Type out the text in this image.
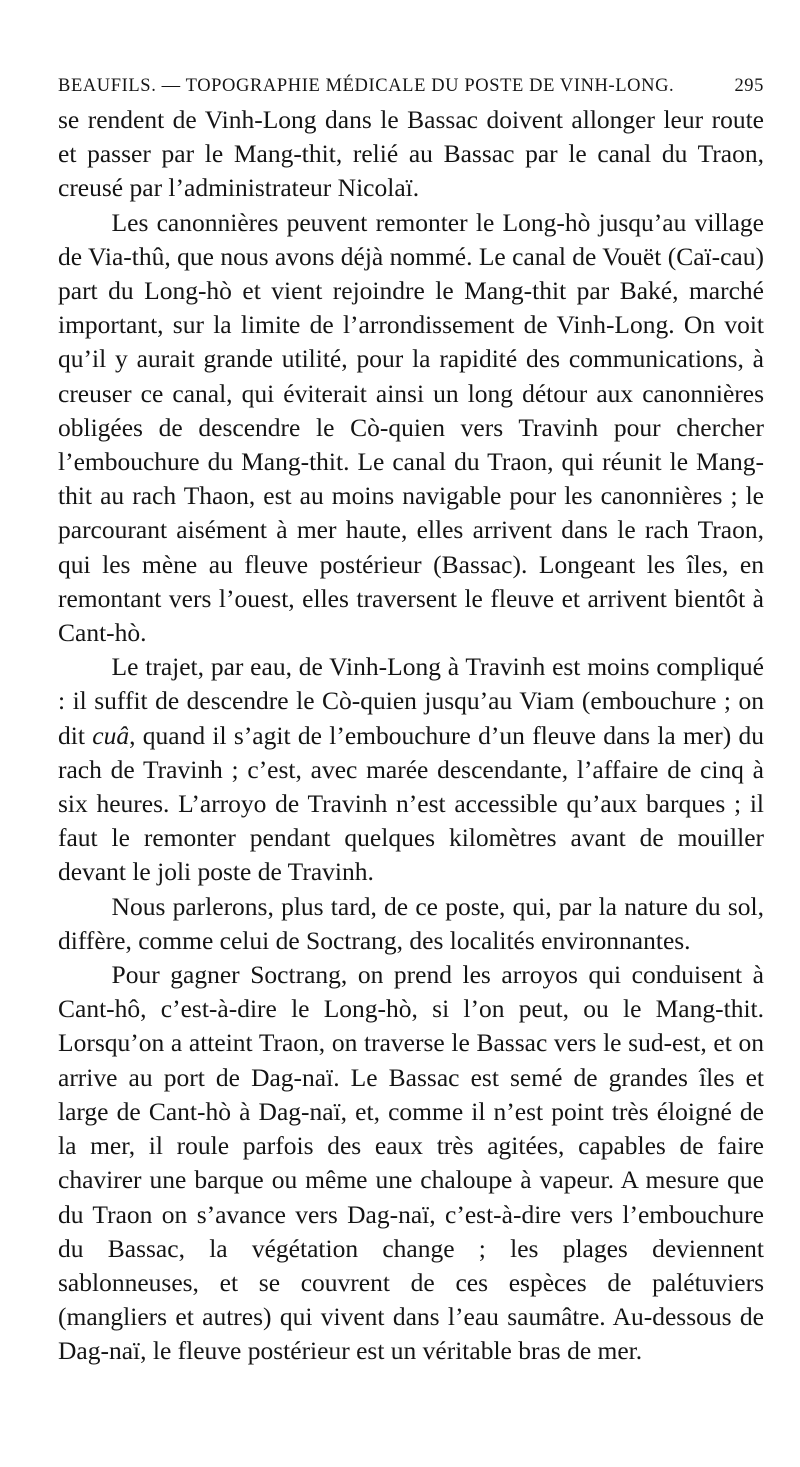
BEAUFILS. — TOPOGRAPHIE MÉDICALE DU POSTE DE VINH-LONG.	295

se rendent de Vinh-Long dans le Bassac doivent allonger leur route et passer par le Mang-thit, relié au Bassac par le canal du Traon, creusé par l’administrateur Nicolaï.

Les canonnières peuvent remonter le Long-hò jusqu’au village de Via-thû, que nous avons déjà nommé. Le canal de Vouët (Caï-cau) part du Long-hò et vient rejoindre le Mang-thit par Baké, marché important, sur la limite de l’arrondissement de Vinh-Long. On voit qu’il y aurait grande utilité, pour la rapidité des communications, à creuser ce canal, qui éviterait ainsi un long détour aux canonnières obligées de descendre le Cò-quien vers Travinh pour chercher l’embouchure du Mang-thit. Le canal du Traon, qui réunit le Mang-thit au rach Thaon, est au moins navigable pour les canonnières ; le parcourant aisément à mer haute, elles arrivent dans le rach Traon, qui les mène au fleuve postérieur (Bassac). Longeant les îles, en remontant vers l’ouest, elles traversent le fleuve et arrivent bientôt à Cant-hò.

Le trajet, par eau, de Vinh-Long à Travinh est moins compliqué : il suffit de descendre le Cò-quien jusqu’au Viam (embouchure ; on dit cuâ, quand il s’agit de l’embouchure d’un fleuve dans la mer) du rach de Travinh ; c’est, avec marée descendante, l’affaire de cinq à six heures. L’arroyo de Travinh n’est accessible qu’aux barques ; il faut le remonter pendant quelques kilomètres avant de mouiller devant le joli poste de Travinh.

Nous parlerons, plus tard, de ce poste, qui, par la nature du sol, diffère, comme celui de Soctrang, des localités environnantes.

Pour gagner Soctrang, on prend les arroyos qui conduisent à Cant-hô, c’est-à-dire le Long-hò, si l’on peut, ou le Mang-thit. Lorsqu’on a atteint Traon, on traverse le Bassac vers le sud-est, et on arrive au port de Dag-naï. Le Bassac est semé de grandes îles et large de Cant-hò à Dag-naï, et, comme il n’est point très éloigné de la mer, il roule parfois des eaux très agitées, capables de faire chavirer une barque ou même une chaloupe à vapeur. A mesure que du Traon on s’avance vers Dag-naï, c’est-à-dire vers l’embouchure du Bassac, la végétation change ; les plages deviennent sablonneuses, et se couvrent de ces espèces de palétuviers (mangliers et autres) qui vivent dans l’eau saumâtre. Au-dessous de Dag-naï, le fleuve postérieur est un véritable bras de mer.
